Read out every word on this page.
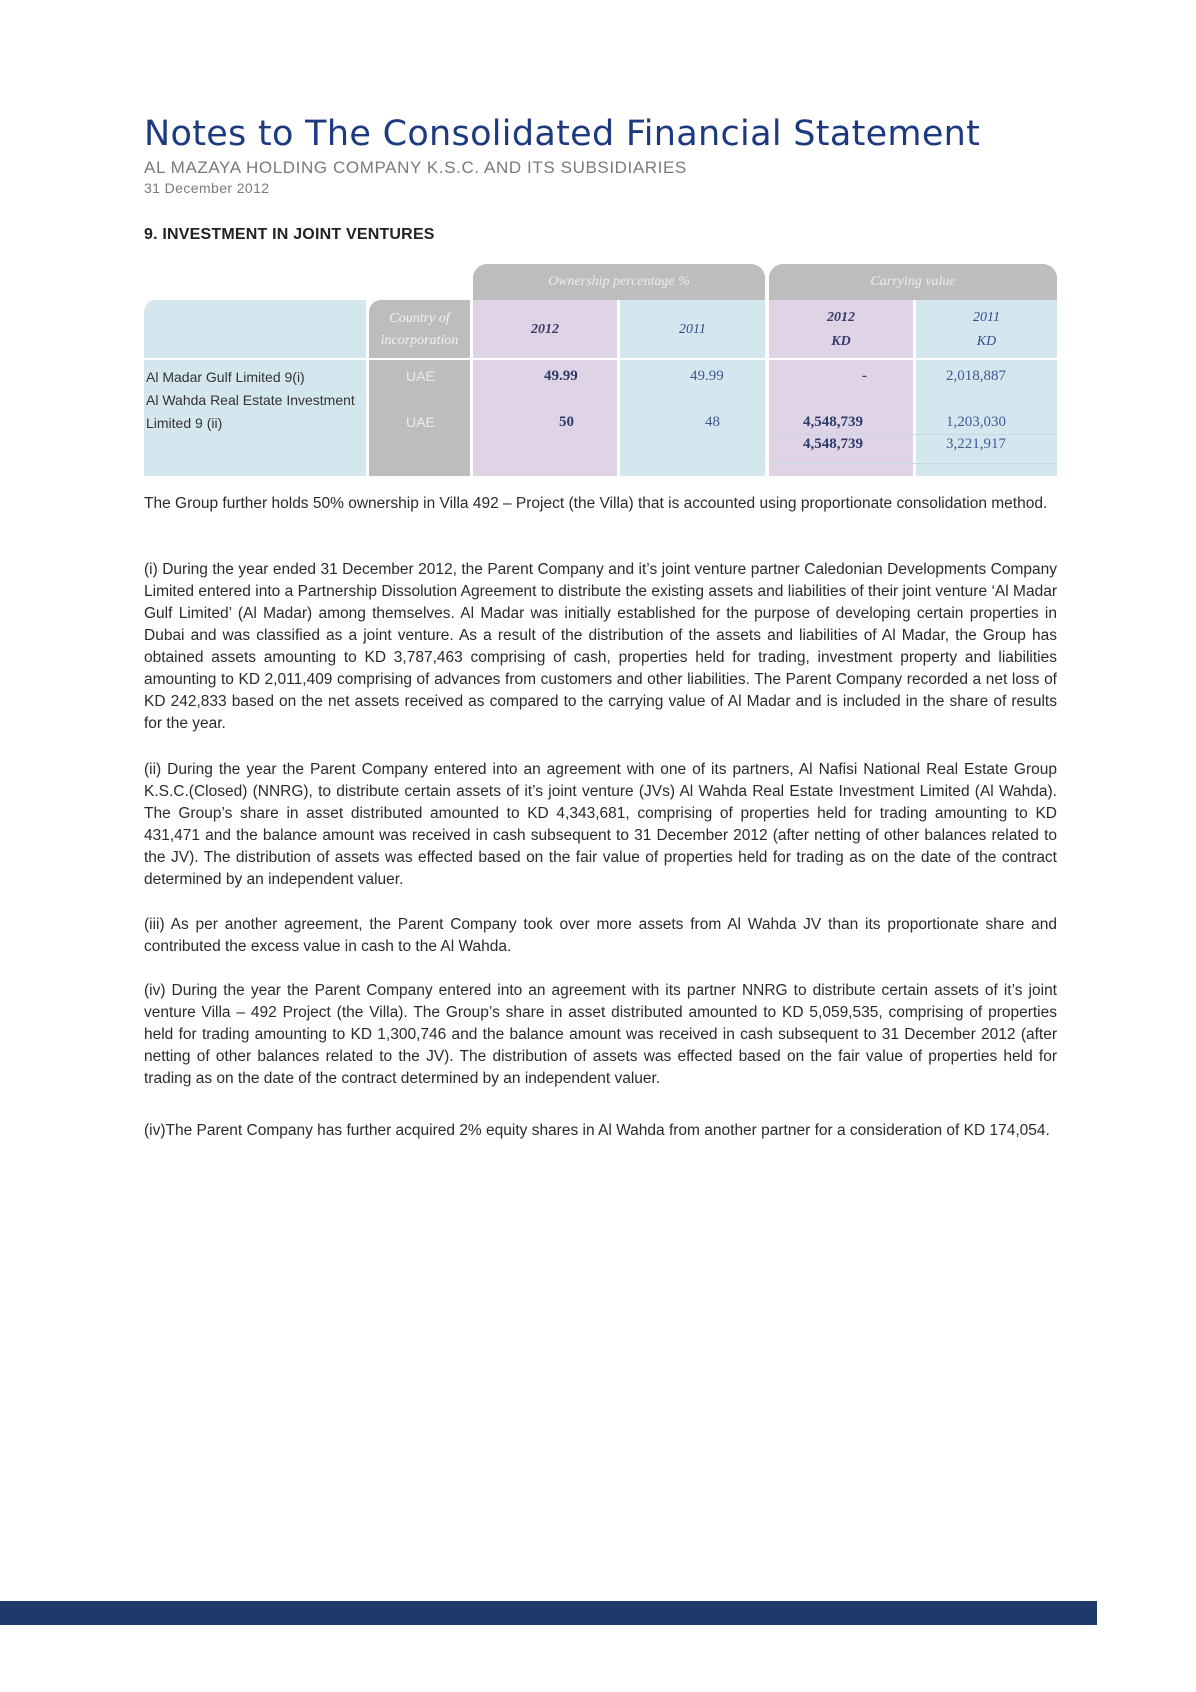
Notes to The Consolidated Financial Statement
AL MAZAYA HOLDING COMPANY K.S.C. AND ITS SUBSIDIARIES
31 December 2012
9. INVESTMENT IN JOINT VENTURES
Ownership percentage %	Carrying value
Country of
incorporation
2012	2011
2012
KD
2011
KD
Al Madar Gulf Limited 9(i)
Al Wahda Real Estate Investment
Limited 9 (ii)
UAE
UAE
49.99
50
49.99
48
-
4,548,739
4,548,739
2,018,887
1,203,030
3,221,917

The Group further holds 50% ownership in Villa 492 – Project (the Villa) that is accounted using proportionate consolidation method.

(i) During the year ended 31 December 2012, the Parent Company and it’s joint venture partner Caledonian Developments Company Limited entered into a Partnership Dissolution Agreement to distribute the existing assets and liabilities of their joint venture ‘Al Madar Gulf Limited’ (Al Madar) among themselves. Al Madar was initially established for the purpose of developing certain properties in Dubai and was classified as a joint venture. As a result of the distribution of the assets and liabilities of Al Madar, the Group has obtained assets amounting to KD 3,787,463 comprising of cash, properties held for trading, investment property and liabilities amounting to KD 2,011,409 comprising of advances from customers and other liabilities. The Parent Company recorded a net loss of KD 242,833 based on the net assets received as compared to the carrying value of Al Madar and is included in the share of results for the year.

(ii) During the year the Parent Company entered into an agreement with one of its partners, Al Nafisi National Real Estate Group K.S.C.(Closed) (NNRG), to distribute certain assets of it’s joint venture (JVs) Al Wahda Real Estate Investment Limited (Al Wahda). The Group’s share in asset distributed amounted to KD 4,343,681, comprising of properties held for trading amounting to KD 431,471 and the balance amount was received in cash subsequent to 31 December 2012 (after netting of other balances related to the JV). The distribution of assets was effected based on the fair value of properties held for trading as on the date of the contract determined by an independent valuer.

(iii) As per another agreement, the Parent Company took over more assets from Al Wahda JV than its proportionate share and contributed the excess value in cash to the Al Wahda.

(iv) During the year the Parent Company entered into an agreement with its partner NNRG to distribute certain assets of it’s joint venture Villa – 492 Project (the Villa). The Group’s share in asset distributed amounted to KD 5,059,535, comprising of properties held for trading amounting to KD 1,300,746 and the balance amount was received in cash subsequent to 31 December 2012 (after netting of other balances related to the JV). The distribution of assets was effected based on the fair value of properties held for trading as on the date of the contract determined by an independent valuer.

(iv)The Parent Company has further acquired 2% equity shares in Al Wahda from another partner for a consideration of KD 174,054.
